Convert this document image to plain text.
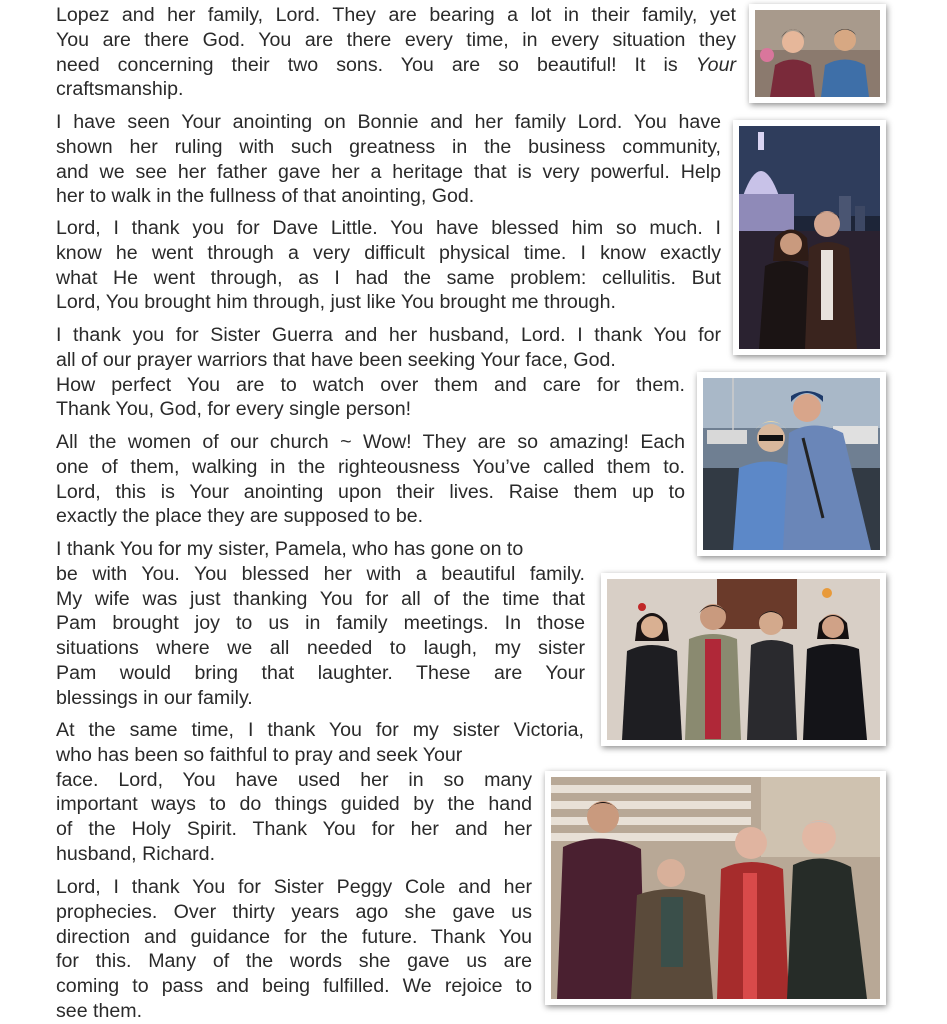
Lopez and her family, Lord. They are bearing a lot in their family, yet
You are there God. You are there every time, in every situation they
need concerning their two sons. You are so beautiful! It is Your
craftsmanship.
I have seen Your anointing on Bonnie and her family Lord. You have
shown her ruling with such greatness in the business community,
and we see her father gave her a heritage that is very powerful. Help
her to walk in the fullness of that anointing, God.
Lord, I thank you for Dave Little. You have blessed him so much. I
know he went through a very difficult physical time. I know exactly
what He went through, as I had the same problem: cellulitis. But
Lord, You brought him through, just like You brought me through.
I thank you for Sister Guerra and her husband, Lord. I thank You for
all of our prayer warriors that have been seeking Your face, God.
How perfect You are to watch over them and care for them.
Thank You, God, for every single person!
All the women of our church ~ Wow! They are so amazing! Each
one of them, walking in the righteousness You’ve called them to.
Lord, this is Your anointing upon their lives. Raise them up to
exactly the place they are supposed to be.
I thank You for my sister, Pamela, who has gone on to
be with You. You blessed her with a beautiful family.
My wife was just thanking You for all of the time that
Pam brought joy to us in family meetings. In those
situations where we all needed to laugh, my sister
Pam would bring that laughter. These are Your
blessings in our family.
At the same time, I thank You for my sister Victoria,
who has been so faithful to pray and seek Your
face. Lord, You have used her in so many
important ways to do things guided by the hand
of the Holy Spirit. Thank You for her and her
husband, Richard.
Lord, I thank You for Sister Peggy Cole and her
prophecies. Over thirty years ago she gave us
direction and guidance for the future. Thank You
for this. Many of the words she gave us are
coming to pass and being fulfilled. We rejoice to
see them.
